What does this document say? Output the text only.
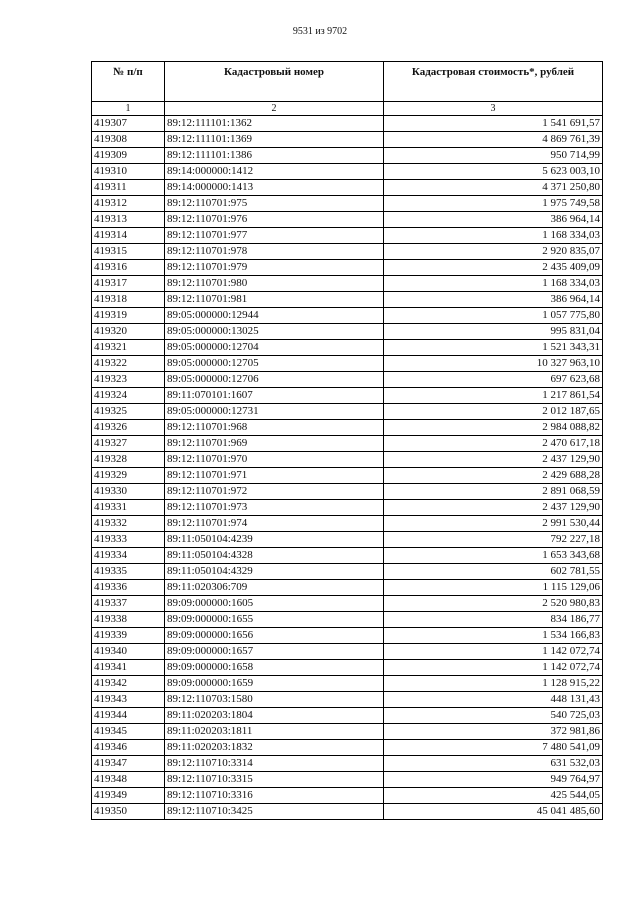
9531 из 9702
№ п/п	Кадастровый номер	Кадастровая стоимость*, рублей
1	2	3
419307	89:12:111101:1362	1 541 691,57
419308	89:12:111101:1369	4 869 761,39
419309	89:12:111101:1386	950 714,99
419310	89:14:000000:1412	5 623 003,10
419311	89:14:000000:1413	4 371 250,80
419312	89:12:110701:975	1 975 749,58
419313	89:12:110701:976	386 964,14
419314	89:12:110701:977	1 168 334,03
419315	89:12:110701:978	2 920 835,07
419316	89:12:110701:979	2 435 409,09
419317	89:12:110701:980	1 168 334,03
419318	89:12:110701:981	386 964,14
419319	89:05:000000:12944	1 057 775,80
419320	89:05:000000:13025	995 831,04
419321	89:05:000000:12704	1 521 343,31
419322	89:05:000000:12705	10 327 963,10
419323	89:05:000000:12706	697 623,68
419324	89:11:070101:1607	1 217 861,54
419325	89:05:000000:12731	2 012 187,65
419326	89:12:110701:968	2 984 088,82
419327	89:12:110701:969	2 470 617,18
419328	89:12:110701:970	2 437 129,90
419329	89:12:110701:971	2 429 688,28
419330	89:12:110701:972	2 891 068,59
419331	89:12:110701:973	2 437 129,90
419332	89:12:110701:974	2 991 530,44
419333	89:11:050104:4239	792 227,18
419334	89:11:050104:4328	1 653 343,68
419335	89:11:050104:4329	602 781,55
419336	89:11:020306:709	1 115 129,06
419337	89:09:000000:1605	2 520 980,83
419338	89:09:000000:1655	834 186,77
419339	89:09:000000:1656	1 534 166,83
419340	89:09:000000:1657	1 142 072,74
419341	89:09:000000:1658	1 142 072,74
419342	89:09:000000:1659	1 128 915,22
419343	89:12:110703:1580	448 131,43
419344	89:11:020203:1804	540 725,03
419345	89:11:020203:1811	372 981,86
419346	89:11:020203:1832	7 480 541,09
419347	89:12:110710:3314	631 532,03
419348	89:12:110710:3315	949 764,97
419349	89:12:110710:3316	425 544,05
419350	89:12:110710:3425	45 041 485,60
